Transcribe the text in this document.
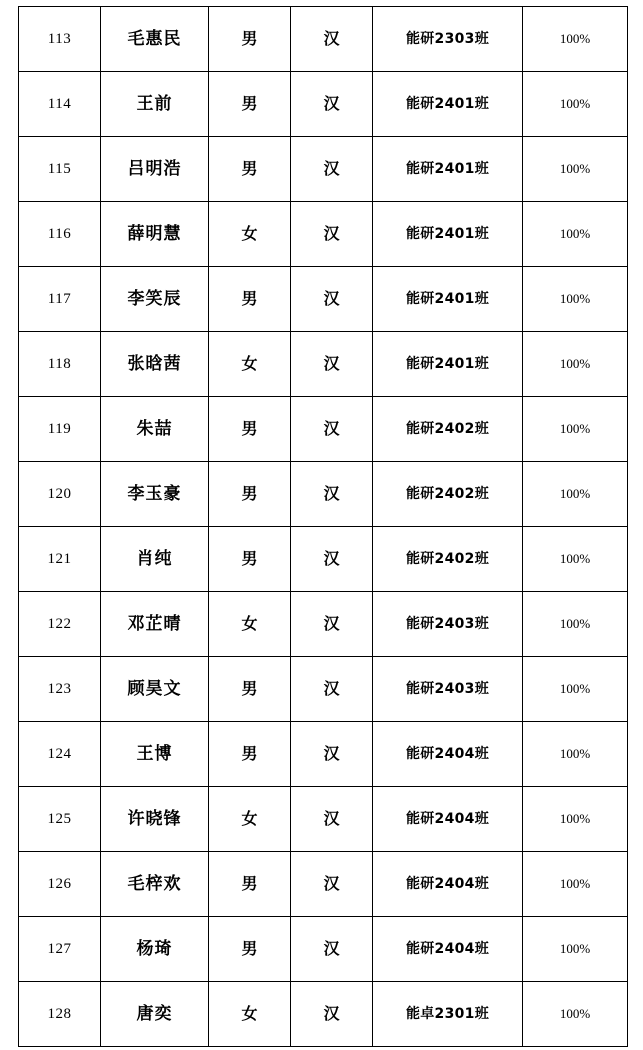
113	毛惠民	男	汉	能研2303班	100%
114	王前	男	汉	能研2401班	100%
115	吕明浩	男	汉	能研2401班	100%
116	薛明慧	女	汉	能研2401班	100%
117	李笑辰	男	汉	能研2401班	100%
118	张晗茜	女	汉	能研2401班	100%
119	朱喆	男	汉	能研2402班	100%
120	李玉豪	男	汉	能研2402班	100%
121	肖纯	男	汉	能研2402班	100%
122	邓芷晴	女	汉	能研2403班	100%
123	顾昊文	男	汉	能研2403班	100%
124	王博	男	汉	能研2404班	100%
125	许晓锋	女	汉	能研2404班	100%
126	毛梓欢	男	汉	能研2404班	100%
127	杨琦	男	汉	能研2404班	100%
128	唐奕	女	汉	能卓2301班	100%
